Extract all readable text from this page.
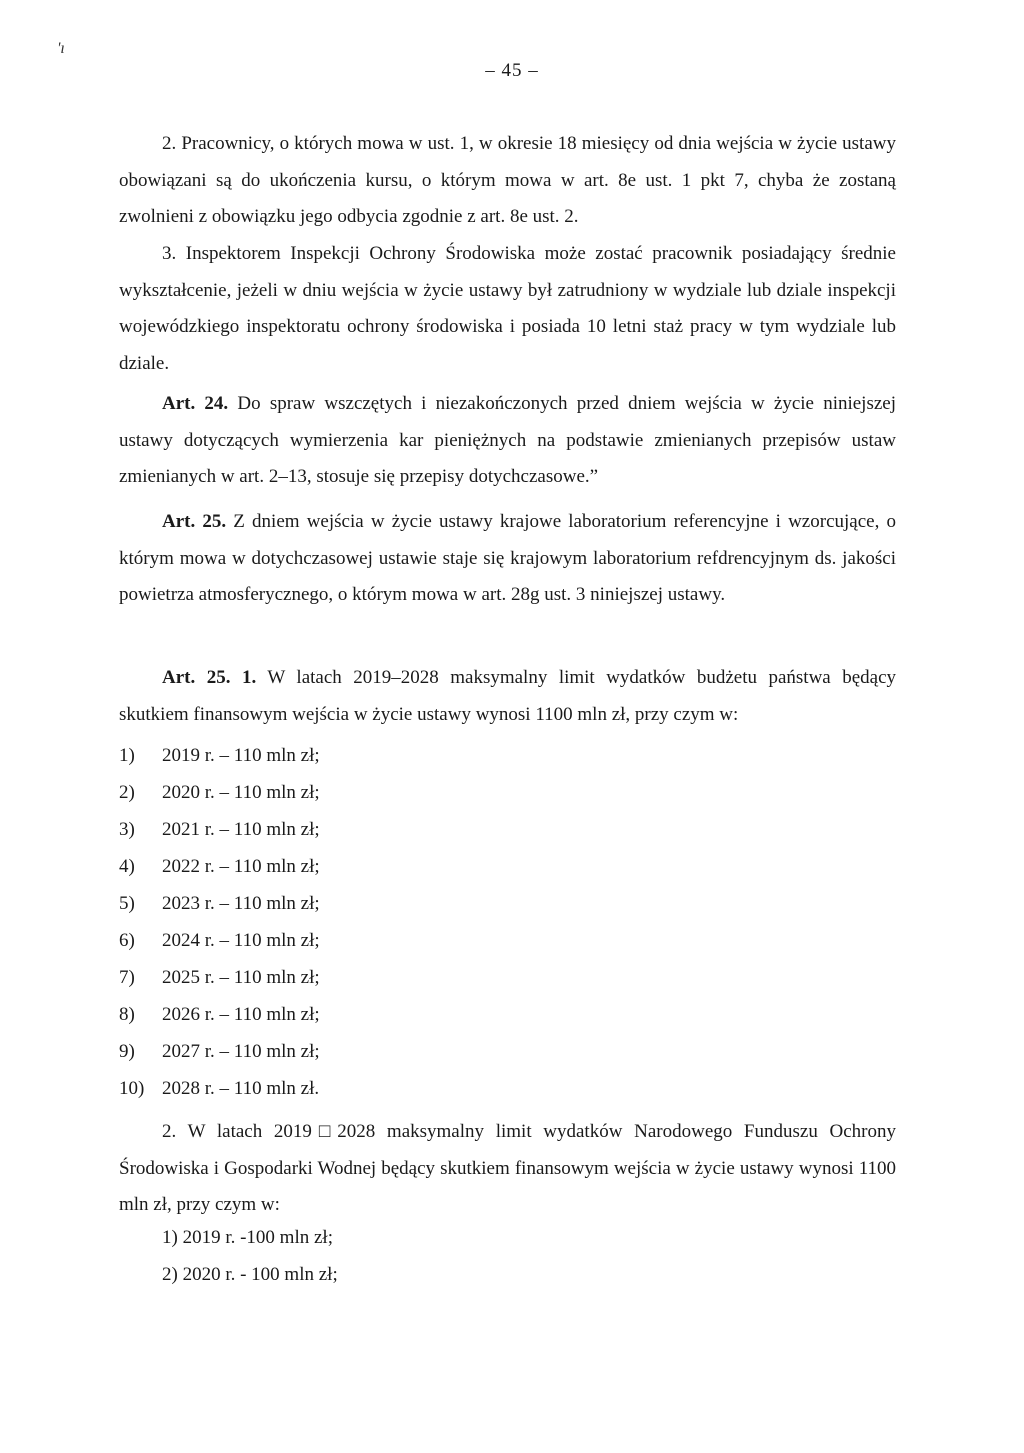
'ı
– 45 –

2. Pracownicy, o których mowa w ust. 1, w okresie 18 miesięcy od dnia wejścia w życie ustawy obowiązani są do ukończenia kursu, o którym mowa w art. 8e ust. 1 pkt 7, chyba że zostaną zwolnieni z obowiązku jego odbycia zgodnie z art. 8e ust. 2.

3. Inspektorem Inspekcji Ochrony Środowiska może zostać pracownik posiadający średnie wykształcenie, jeżeli w dniu wejścia w życie ustawy był zatrudniony w wydziale lub dziale inspekcji wojewódzkiego inspektoratu ochrony środowiska i posiada 10 letni staż pracy w tym wydziale lub dziale.

Art. 24. Do spraw wszczętych i niezakończonych przed dniem wejścia w życie niniejszej ustawy dotyczących wymierzenia kar pieniężnych na podstawie zmienianych przepisów ustaw zmienianych w art. 2–13, stosuje się przepisy dotychczasowe.”

Art. 25. Z dniem wejścia w życie ustawy krajowe laboratorium referencyjne i wzorcujące, o którym mowa w dotychczasowej ustawie staje się krajowym laboratorium refdrencyjnym ds. jakości powietrza atmosferycznego, o którym mowa w art. 28g ust. 3 niniejszej ustawy.

Art. 25. 1. W latach 2019–2028 maksymalny limit wydatków budżetu państwa będący skutkiem finansowym wejścia w życie ustawy wynosi 1100 mln zł, przy czym w:

1) 2019 r. – 110 mln zł;
2) 2020 r. – 110 mln zł;
3) 2021 r. – 110 mln zł;
4) 2022 r. – 110 mln zł;
5) 2023 r. – 110 mln zł;
6) 2024 r. – 110 mln zł;
7) 2025 r. – 110 mln zł;
8) 2026 r. – 110 mln zł;
9) 2027 r. – 110 mln zł;
10) 2028 r. – 110 mln zł.

2. W latach 2019□2028 maksymalny limit wydatków Narodowego Funduszu Ochrony Środowiska i Gospodarki Wodnej będący skutkiem finansowym wejścia w życie ustawy wynosi 1100 mln zł, przy czym w:

1) 2019 r. -100 mln zł;
2) 2020 r. - 100 mln zł;
